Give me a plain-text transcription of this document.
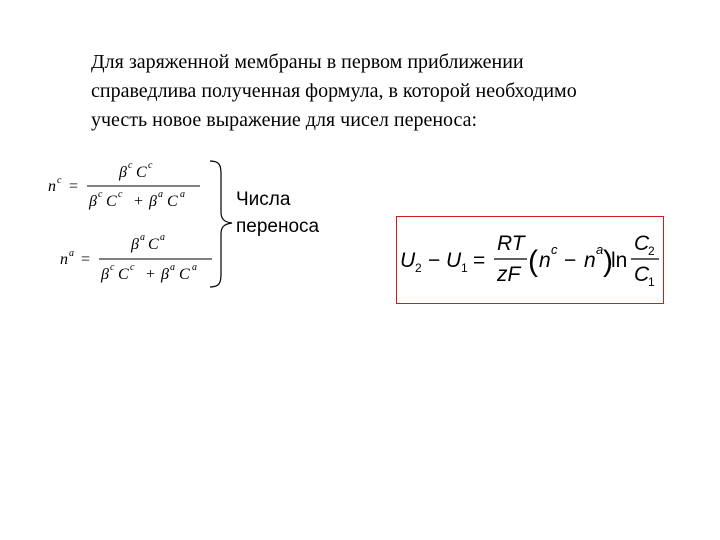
Для заряженной мембраны в первом приближении
справедлива полученная формула, в которой необходимо
учесть новое выражение для чисел переноса:
n c =
β c C c
β c C c + β a C a
n a =
β a C a
β c C c + β a C a	U 2 − U 1 =
RT
zF ( n c − n a )
ln
C
2
C
1
Числа
переноса
